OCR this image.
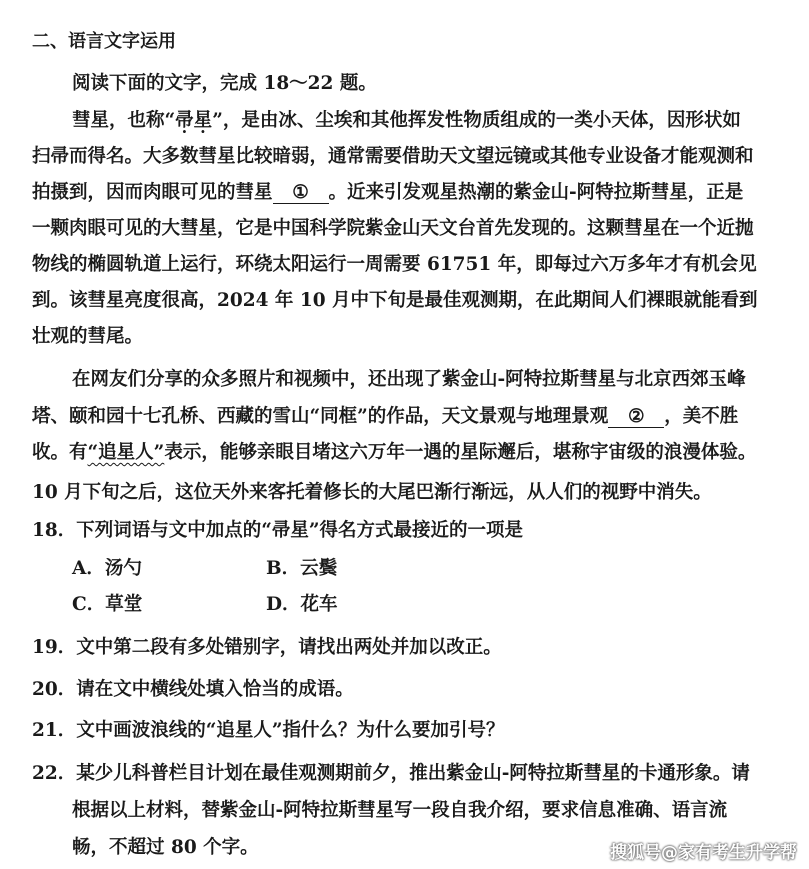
二、语言文字运用
阅读下面的文字，完成 18～22 题。
彗星，也称“帚星”，是由冰、尘埃和其他挥发性物质组成的一类小天体，因形状如
扫帚而得名。大多数彗星比较暗弱，通常需要借助天文望远镜或其他专业设备才能观测和
拍摄到，因而肉眼可见的彗星 ① 。近来引发观星热潮的紫金山-阿特拉斯彗星，正是
一颗肉眼可见的大彗星，它是中国科学院紫金山天文台首先发现的。这颗彗星在一个近抛
物线的椭圆轨道上运行，环绕太阳运行一周需要 61751 年，即每过六万多年才有机会见
到。该彗星亮度很高，2024 年 10 月中下旬是最佳观测期，在此期间人们裸眼就能看到
壮观的彗尾。
在网友们分享的众多照片和视频中，还出现了紫金山-阿特拉斯彗星与北京西郊玉峰
塔、颐和园十七孔桥、西藏的雪山“同框”的作品，天文景观与地理景观 ② ，美不胜
收。有“追星人”表示，能够亲眼目堵这六万年一遇的星际邂后，堪称宇宙级的浪漫体验。
10 月下旬之后，这位天外来客托着修长的大尾巴渐行渐远，从人们的视野中消失。
18．下列词语与文中加点的“帚星”得名方式最接近的一项是
A．汤勺	B．云鬓
C．草堂	D．花车
19．文中第二段有多处错别字，请找出两处并加以改正。
20．请在文中横线处填入恰当的成语。
21．文中画波浪线的“追星人”指什么？为什么要加引号？
22．某少儿科普栏目计划在最佳观测期前夕，推出紫金山-阿特拉斯彗星的卡通形象。请
根据以上材料，替紫金山-阿特拉斯彗星写一段自我介绍，要求信息准确、语言流
畅，不超过 80 个字。	搜狐号@家有考生升学帮
